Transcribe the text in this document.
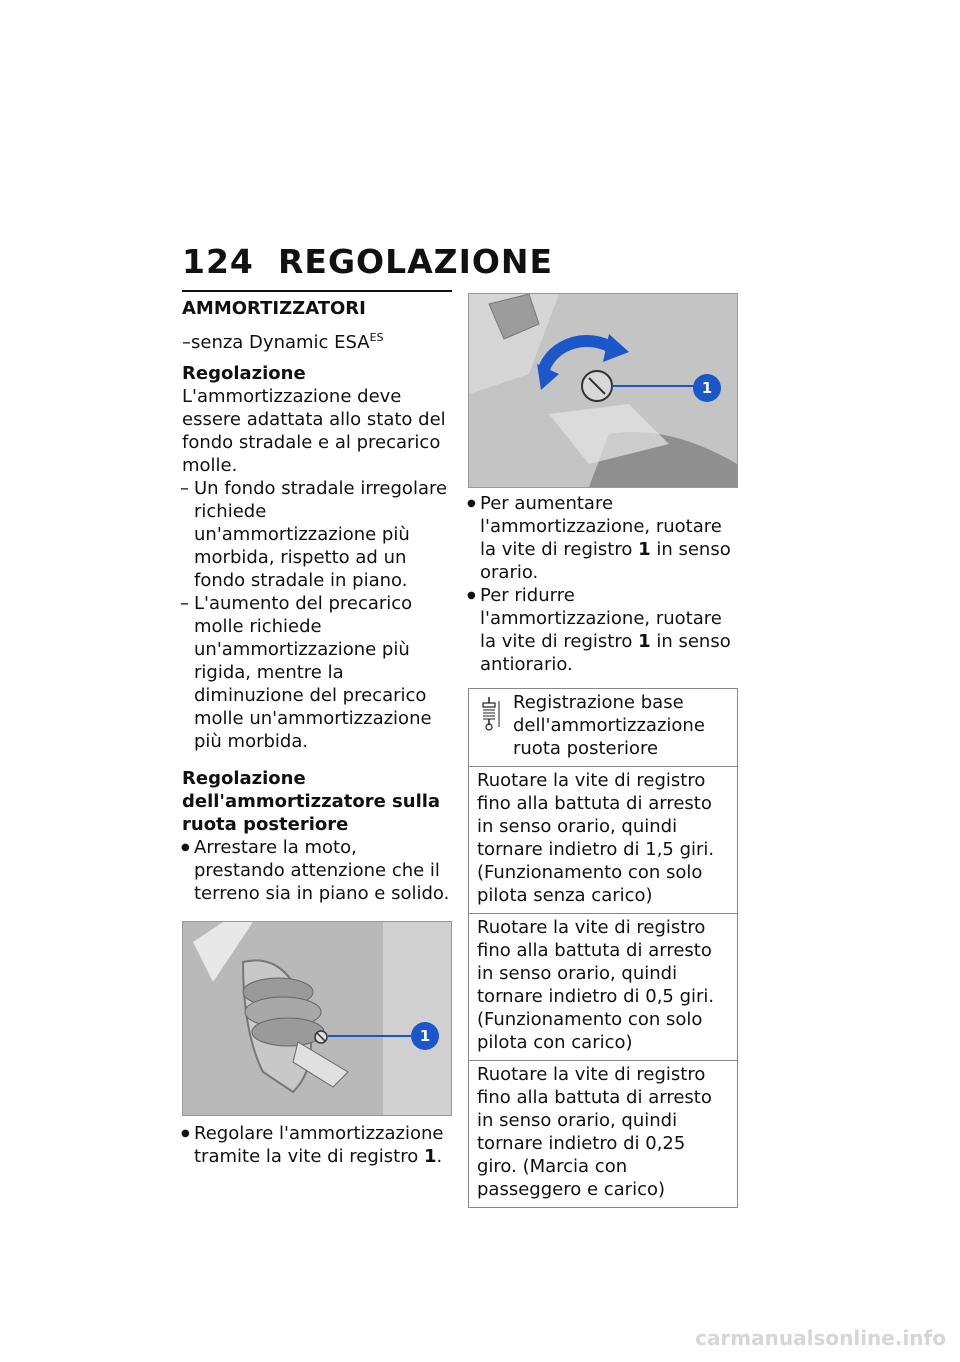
124 REGOLAZIONE
AMMORTIZZATORI
–senza Dynamic $ESA^{ES}$

Regolazione

L'ammortizzazione deve essere adattata allo stato del fondo stradale e al precarico molle.

– Un fondo stradale irregolare richiede un'ammortizzazione più morbida, rispetto ad un fondo stradale in piano.
– L'aumento del precarico molle richiede un'ammortizzazione più rigida, mentre la diminuzione del precarico molle un'ammortizzazione più morbida.

Regolazione dell'ammortizzatore sulla ruota posteriore

● Arrestare la moto, prestando attenzione che il terreno sia in piano e solido.
1
● Regolare l'ammortizzazione tramite la vite di registro 1.
1
● Per aumentare l'ammortizzazione, ruotare la vite di registro 1 in senso orario.
● Per ridurre l'ammortizzazione, ruotare la vite di registro 1 in senso antiorario.
Registrazione base dell'ammortizzazione ruota posteriore
Ruotare la vite di registro fino alla battuta di arresto in senso orario, quindi tornare indietro di 1,5 giri. (Funzionamento con solo pilota senza carico)
Ruotare la vite di registro fino alla battuta di arresto in senso orario, quindi tornare indietro di 0,5 giri. (Funzionamento con solo pilota con carico)
Ruotare la vite di registro fino alla battuta di arresto in senso orario, quindi tornare indietro di 0,25 giro. (Marcia con passeggero e carico)
carmanualsonline.info
